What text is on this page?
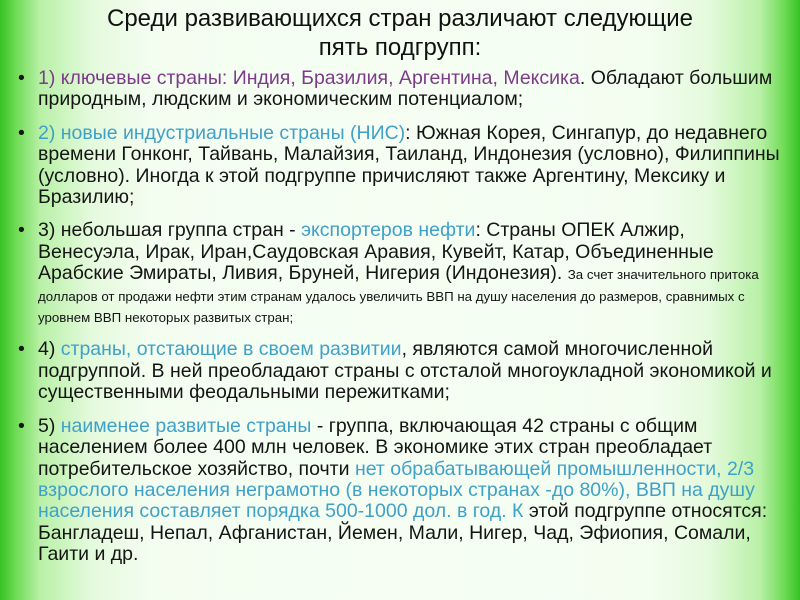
Среди развивающихся стран различают следующие
пять подгрупп:
• 1) ключевые страны: Индия, Бразилия, Аргентина, Мексика. Обладают большим природным, людским и экономическим потенциалом;
• 2) новые индустриальные страны (НИС): Южная Корея, Сингапур, до недавнего времени Гонконг, Тайвань, Малайзия, Таиланд, Индонезия (условно), Филиппины (условно). Иногда к этой подгруппе причисляют также Аргентину, Мексику и Бразилию;
• 3) небольшая группа стран - экспортеров нефти: Страны ОПЕК Алжир, Венесуэла, Ирак, Иран,Саудовская Аравия, Кувейт, Катар, Объединенные Арабские Эмираты, Ливия, Бруней, Нигерия (Индонезия). За счет значительного притока долларов от продажи нефти этим странам удалось увеличить ВВП на душу населения до размеров, сравнимых с уровнем ВВП некоторых развитых стран;
• 4) страны, отстающие в своем развитии, являются самой многочисленной подгруппой. В ней преобладают страны с отсталой многоукладной экономикой и существенными феодальными пережитками;
• 5) наименее развитые страны - группа, включающая 42 страны с общим населением более 400 млн человек. В экономике этих стран преобладает потребительское хозяйство, почти нет обрабатывающей промышленности, 2/3 взрослого населения неграмотно (в некоторых странах -до 80%), ВВП на душу населения составляет порядка 500-1000 дол. в год. К этой подгруппе относятся: Бангладеш, Непал, Афганистан, Йемен, Мали, Нигер, Чад, Эфиопия, Сомали, Гаити и др.
